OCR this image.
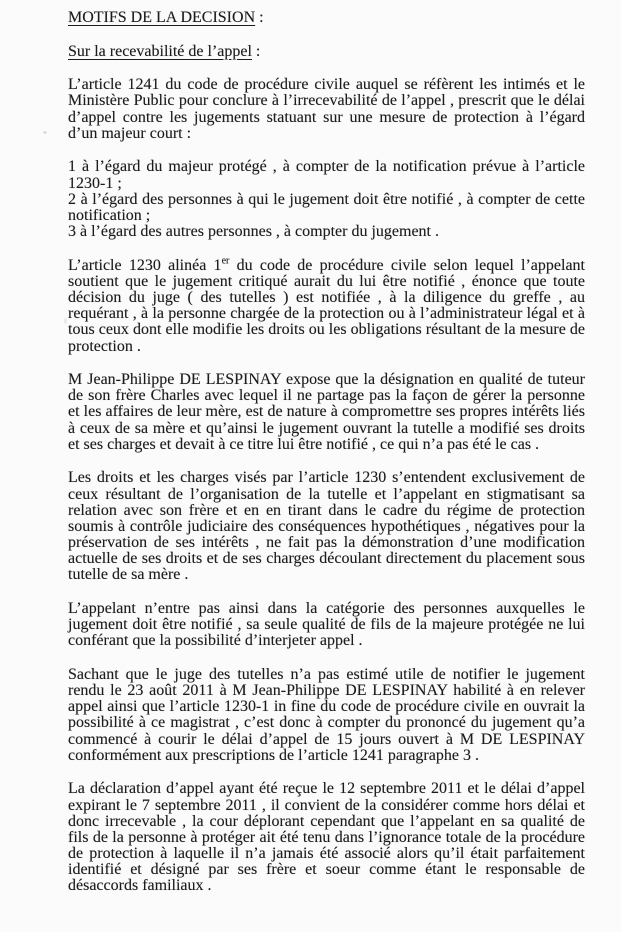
MOTIFS DE LA DECISION :
Sur la recevabilité de l’appel :
L’article 1241 du code de procédure civile auquel se réfèrent les intimés et le Ministère Public pour conclure à l’irrecevabilité de l’appel , prescrit que le délai d’appel contre les jugements statuant sur une mesure de protection à l’égard d’un majeur court :
1 à l’égard du majeur protégé , à compter de la notification prévue à l’article 1230-1 ;
2 à l’égard des personnes à qui le jugement doit être notifié , à compter de cette notification ;
3 à l’égard des autres personnes , à compter du jugement .
L’article 1230 alinéa 1er du code de procédure civile selon lequel l’appelant soutient que le jugement critiqué aurait du lui être notifié , énonce que toute décision du juge ( des tutelles ) est notifiée , à la diligence du greffe , au requérant , à la personne chargée de la protection ou à l’administrateur légal et à tous ceux dont elle modifie les droits ou les obligations résultant de la mesure de protection .
M Jean-Philippe DE LESPINAY expose que la désignation en qualité de tuteur de son frère Charles avec lequel il ne partage pas la façon de gérer la personne et les affaires de leur mère, est de nature à compromettre ses propres intérêts liés à ceux de sa mère et qu’ainsi le jugement ouvrant la tutelle a modifié ses droits et ses charges et devait à ce titre lui être notifié , ce qui n’a pas été le cas .
Les droits et les charges visés par l’article 1230 s’entendent exclusivement de ceux résultant de l’organisation de la tutelle et l’appelant en stigmatisant sa relation avec son frère et en en tirant dans le cadre du régime de protection soumis à contrôle judiciaire des conséquences hypothétiques , négatives pour la préservation de ses intérêts , ne fait pas la démonstration d’une modification actuelle de ses droits et de ses charges découlant directement du placement sous tutelle de sa mère .
L’appelant n’entre pas ainsi dans la catégorie des personnes auxquelles le jugement doit être notifié , sa seule qualité de fils de la majeure protégée ne lui conférant que la possibilité d’interjeter appel .
Sachant que le juge des tutelles n’a pas estimé utile de notifier le jugement rendu le 23 août 2011 à M Jean-Philippe DE LESPINAY habilité à en relever appel ainsi que l’article 1230-1 in fine du code de procédure civile en ouvrait la possibilité à ce magistrat , c’est donc à compter du prononcé du jugement qu’a commencé à courir le délai d’appel de 15 jours ouvert à M DE LESPINAY conformément aux prescriptions de l’article 1241 paragraphe 3 .
La déclaration d’appel ayant été reçue le 12 septembre 2011 et le délai d’appel expirant le 7 septembre 2011 , il convient de la considérer comme hors délai et donc irrecevable , la cour déplorant cependant que l’appelant en sa qualité de fils de la personne à protéger ait été tenu dans l’ignorance totale de la procédure de protection à laquelle il n’a jamais été associé alors qu’il était parfaitement identifié et désigné par ses frère et soeur comme étant le responsable de désaccords familiaux .
